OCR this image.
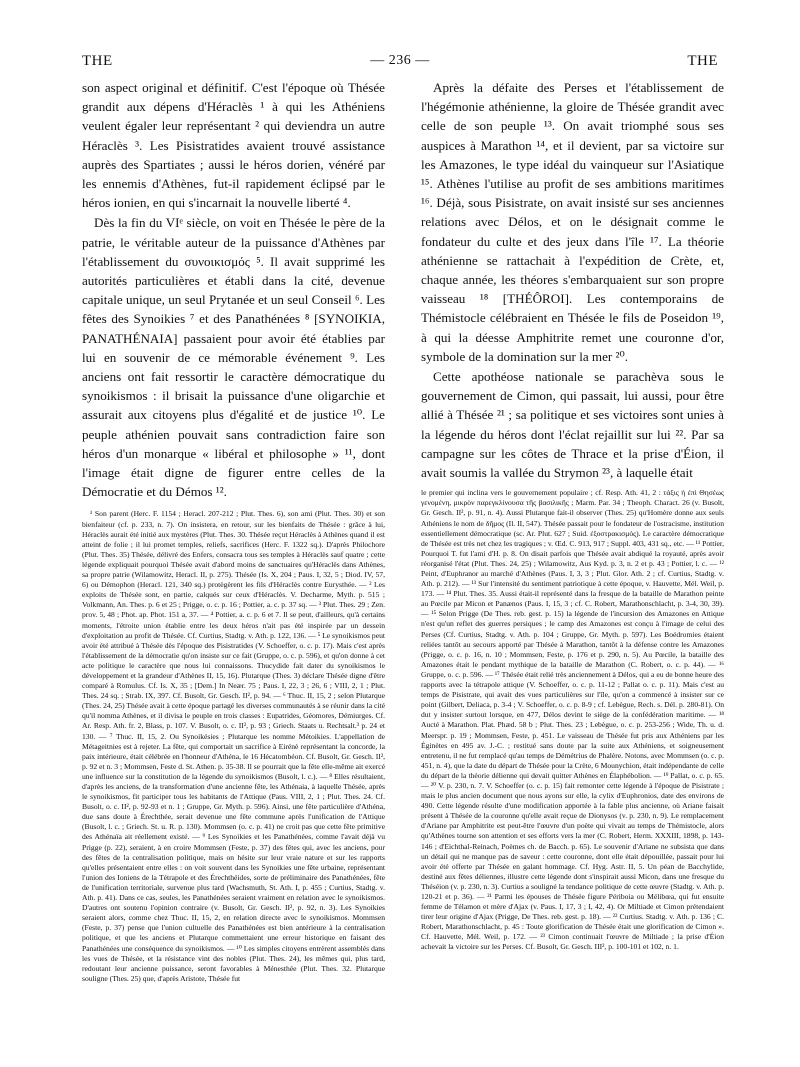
THE	— 236 —	THE

son aspect original et définitif. C'est l'époque où Thésée grandit aux dépens d'Héraclès ¹ à qui les Athéniens veulent égaler leur représentant ² qui deviendra un autre Héraclès ³. Les Pisistratides avaient trouvé assistance auprès des Spartiates ; aussi le héros dorien, vénéré par les ennemis d'Athènes, fut-il rapidement éclipsé par le héros ionien, en qui s'incarnait la nouvelle liberté ⁴.

Dès la fin du VIᵉ siècle, on voit en Thésée le père de la patrie, le véritable auteur de la puissance d'Athènes par l'établissement du συνοικισμός ⁵. Il avait supprimé les autorités particulières et établi dans la cité, devenue capitale unique, un seul Prytanée et un seul Conseil ⁶. Les fêtes des Synoikies ⁷ et des Panathénées ⁸ [SYNOIKIA, PANATHÉNAIA] passaient pour avoir été établies par lui en souvenir de ce mémorable événement ⁹. Les anciens ont fait ressortir le caractère démocratique du synoikismos : il brisait la puissance d'une oligarchie et assurait aux citoyens plus d'égalité et de justice ¹⁰. Le peuple athénien pouvait sans contradiction faire son héros d'un monarque « libéral et philosophe » ¹¹, dont l'image était digne de figurer entre celles de la Démocratie et du Démos ¹².

¹ Son parent (Herc. F. 1154 ; Heracl. 207-212 ; Plut. Thes. 6), son ami (Plut. Thes. 30) et son bienfaiteur (cf. p. 233, n. 7). On insistera, en retour, sur les bienfaits de Thésée : grâce à lui, Héraclès aurait été initié aux mystères (Plut. Thes. 30. Thésée reçut Héraclès à Athènes quand il est atteint de folie ; il lui promet temples, reliefs, sacrifices (Herc. F. 1322 sq.). D'après Philochore (Plut. Thes. 35) Thésée, délivré des Enfers, consacra tous ses temples à Héraclès sauf quatre ; cette légende expliquait pourquoi Thésée avait d'abord moins de sanctuaires qu'Héraclès dans Athènes, sa propre patrie (Wilamowitz, Heracl. II, p. 275). Thésée (Is. X, 204 ; Paus. I, 32, 5 ; Diod. IV, 57, 6) ou Démophon (Heracl. 121, 340 sq.) protègèrent les fils d'Héraclès contre Eurysthée. — ² Les exploits de Thésée sont, en partie, calqués sur ceux d'Héraclès. V. Decharme, Myth. p. 515 ; Volkmann, An. Thes. p. 6 et 25 ; Prigge, o. c. p. 16 ; Pottier, a. c. p. 37 sq. — ³ Plut. Thes. 29 ; Zen. prov. 5, 48 ; Phot. ap. Phot. 151 a, 37. — ⁴ Pottier, a. c. p. 6 et 7. Il se peut, d'ailleurs, qu'à certains moments, l'étroite union établie entre les deux héros n'ait pas été inspirée par un dessein d'exploitation au profit de Thésée. Cf. Curtius, Stadtg. v. Ath. p. 122, 136. — ⁵ Le synoikismos peut avoir été attribué à Thésée dès l'époque des Pisistratides (V. Schoeffer, o. c. p. 17). Mais c'est après l'établissement de la démocratie qu'on insiste sur ce fait (Gruppe, o. c. p. 596), et qu'on donne à cet acte politique le caractère que nous lui connaissons. Thucydide fait dater du synoikismos le développement et la grandeur d'Athènes II, 15, 16). Plutarque (Thes. 3) déclare Thésée digne d'être comparé à Romulus. Cf. Is. X, 35 ; [Dem.] In Neær. 75 ; Paus. I, 22, 3 ; 26, 6 ; VIII, 2, 1 ; Plut. Thes. 24 sq. ; Strab. IX, 397. Cf. Busolt, Gr. Gesch. II², p. 94. — ⁶ Thuc. II, 15, 2 ; selon Plutarque (Thes. 24, 25) Thésée avait à cette époque partagé les diverses communautés à se réunir dans la cité qu'il nomma Athènes, et il divisa le peuple en trois classes : Eupatrides, Géomores, Démiurges. Cf. Ar. Resp. Ath. fr. 2, Blass, p. 107. V. Busolt, o. c. II², p. 93 ; Griech. Staats u. Rechtsalt.³ p. 24 et 130. — ⁷ Thuc. II, 15, 2. Ou Synoikésies ; Plutarque les nomme Métoikies. L'appellation de Métageitnies est à rejeter. La fête, qui comportait un sacrifice à Eirénè représentant la concorde, la paix intérieure, était célébrée en l'honneur d'Athéna, le 16 Hécatombéon. Cf. Busolt, Gr. Gesch. II², p. 92 et n. 3 ; Mommsen, Feste d. St. Athen. p. 35-38. Il se pourrait que la fête elle-même ait exercé une influence sur la constitution de la légende du synoikismos (Busolt, l. c.). — ⁸ Elles résultaient, d'après les anciens, de la transformation d'une ancienne fête, les Athénaia, à laquelle Thésée, après le synoikismos, fit participer tous les habitants de l'Attique (Paus. VIII, 2, 1 ; Plut. Thes. 24. Cf. Busolt, o. c. II², p. 92-93 et n. 1 ; Gruppe, Gr. Myth. p. 596). Ainsi, une fête particulière d'Athéna, due sans doute à Érechthée, serait devenue une fête commune après l'unification de l'Attique (Busolt, l. c. ; Griech. St. u. R. p. 130). Mommsen (o. c. p. 41) ne croit pas que cette fête primitive des Athénaïa ait réellement existé. — ⁹ Les Synoikies et les Panathénées, comme l'avait déjà vu Prigge (p. 22), seraient, à en croire Mommsen (Feste, p. 37) des fêtes qui, avec les anciens, pour des fêtes de la centralisation politique, mais on hésite sur leur vraie nature et sur les rapports qu'elles présentaient entre elles : on voit souvent dans les Synoikies une fête urbaine, représentant l'union des Ioniens de la Tétrapole et des Érechthéides, sorte de préliminaire des Panathénées, fête de l'unification territoriale, survenue plus tard (Wachsmuth, St. Ath. I, p. 455 ; Curtius, Stadtg. v. Ath. p. 41). Dans ce cas, seules, les Panathénées seraient vraiment en relation avec le synoikismos. D'autres ont soutenu l'opinion contraire (v. Busolt, Gr. Gesch. II², p. 92, n. 3). Les Synoikies seraient alors, comme chez Thuc. II, 15, 2, en relation directe avec le synoikismos. Mommsen (Feste, p. 37) pense que l'union cultuelle des Panathénées est bien antérieure à la centralisation politique, et que les anciens et Plutarque commettaient une erreur historique en faisant des Panathénées une conséquence du synoikismos. — ¹⁰ Les simples citoyens entrèrent assemblés dans les vues de Thésée, et la résistance vint des nobles (Plut. Thes. 24), les mêmes qui, plus tard, redoutant leur ancienne puissance, seront favorables à Ménesthée (Plut. Thes. 32. Plutarque souligne (Thes. 25) que, d'après Aristote, Thésée fut

Après la défaite des Perses et l'établissement de l'hégémonie athénienne, la gloire de Thésée grandit avec celle de son peuple ¹³. On avait triomphé sous ses auspices à Marathon ¹⁴, et il devient, par sa victoire sur les Amazones, le type idéal du vainqueur sur l'Asiatique ¹⁵. Athènes l'utilise au profit de ses ambitions maritimes ¹⁶. Déjà, sous Pisistrate, on avait insisté sur ses anciennes relations avec Délos, et on le désignait comme le fondateur du culte et des jeux dans l'île ¹⁷. La théorie athénienne se rattachait à l'expédition de Crète, et, chaque année, les théores s'embarquaient sur son propre vaisseau ¹⁸ [THÉÔROI]. Les contemporains de Thémistocle célébraient en Thésée le fils de Poseidon ¹⁹, à qui la déesse Amphitrite remet une couronne d'or, symbole de la domination sur la mer ²⁰.

Cette apothéose nationale se parachèva sous le gouvernement de Cimon, qui passait, lui aussi, pour être allié à Thésée ²¹ ; sa politique et ses victoires sont unies à la légende du héros dont l'éclat rejaillit sur lui ²². Par sa campagne sur les côtes de Thrace et la prise d'Éion, il avait soumis la vallée du Strymon ²³, à laquelle était

le premier qui inclina vers le gouvernement populaire ; cf. Resp. Ath. 41, 2 : τάξις ἡ ἐπὶ Θησέως γενομένη, μικρὸν παρεγκλίνουσα τῆς βασιλικῆς ; Marm. Par. 34 ; Theoph. Charact. 26 (v. Busolt, Gr. Gesch. II², p. 91, n. 4). Aussi Plutarque fait-il observer (Thes. 25) qu'Homère donne aux seuls Athéniens le nom de δῆμος (Il. II, 547). Thésée passait pour le fondateur de l'ostracisme, institution essentiellement démocratique (sc. Ar. Plut. 627 ; Suid. ἐξοστρακισμός). Le caractère démocratique de Thésée est très net chez les tragiques ; v. Œd. C. 913, 917 ; Suppl. 403, 431 sq., etc. — ¹¹ Pottier, Pourquoi T. fut l'ami d'H. p. 8. On disait parfois que Thésée avait abdiqué la royauté, après avoir réorganisé l'état (Plut. Thes. 24, 25) ; Wilamowitz, Aus Kyd. p. 3, n. 2 et p. 43 ; Pottier, l. c. — ¹² Peint, d'Euphranor au marché d'Athènes (Paus. I, 3, 3 ; Plut. Glor. Ath. 2 ; cf. Curtius, Stadtg. v. Ath. p. 212). — ¹³ Sur l'intensité du sentiment patriotique à cette époque, v. Hauvette, Mél. Weil, p. 173. — ¹⁴ Plut. Thes. 35. Aussi était-il représenté dans la fresque de la bataille de Marathon peinte au Pœcile par Micon et Panænos (Paus. I, 15, 3 ; cf. C. Robert, Marathonschlacht, p. 3-4, 30, 39). — ¹⁵ Selon Prigge (De Thes. reb. gest. p. 15) la légende de l'incursion des Amazones en Attique n'est qu'un reflet des guerres persiques ; le camp des Amazones est conçu à l'image de celui des Perses (Cf. Curtius, Stadtg. v. Ath. p. 104 ; Gruppe, Gr. Myth. p. 597). Les Boédromies étaient reliées tantôt au secours apporté par Thésée à Marathon, tantôt à la défense contre les Amazones (Prigge, o. c. p. 16, n. 10 ; Mommsen, Feste, p. 176 et p. 290, n. 5). Au Pœcile, la bataille des Amazones était le pendant mythique de la bataille de Marathon (C. Robert, o. c. p. 44). — ¹⁶ Gruppe, o. c. p. 596. — ¹⁷ Thésée était relié très anciennement à Délos, qui a eu de bonne heure des rapports avec la tétrapole attique (V. Schoeffer, o. c. p. 11-12 ; Pallat o. c. p. 11). Mais c'est au temps de Pisistrate, qui avait des vues particulières sur l'île, qu'on a commencé à insister sur ce point (Gilbert, Deliaca, p. 3-4 ; V. Schoeffer, o. c. p. 8-9 ; cf. Lebègue, Rech. s. Dél. p. 280-81). On dut y insister surtout lorsque, en 477, Délos devint le siège de la confédération maritime. — ¹⁸ Aucté à Marathon. Plat. Phæd. 58 b ; Plut. Thes. 23 ; Lebègue, o. c. p. 253-256 ; Wide, Th. u. d. Meerspr. p. 19 ; Mommsen, Feste, p. 451. Le vaisseau de Thésée fut pris aux Athéniens par les Éginètes en 495 av. J.-C. ; restitué sans doute par la suite aux Athéniens, et soigneusement entretenu, il ne fut remplacé qu'au temps de Démétrius de Phalère. Notons, avec Mommsen (o. c. p. 451, n. 4), que la date du départ de Thésée pour la Crète, 6 Mounychion, était indépendante de celle du départ de la théorie délienne qui devait quitter Athènes en Élaphébolion. — ¹⁹ Pallat, o. c. p. 65. — ²⁰ V. p. 230, n. 7. V. Schoeffer (o. c. p. 15) fait remonter cette légende à l'époque de Pisistrate ; mais le plus ancien document que nous ayons sur elle, la cylix d'Euphronios, date des environs de 490. Cette légende résulte d'une modification apportée à la fable plus ancienne, où Ariane faisait présent à Thésée de la couronne qu'elle avait reçue de Dionysos (v. p. 230, n. 9). Le remplacement d'Ariane par Amphitrite est peut-être l'œuvre d'un poète qui vivait au temps de Thémistocle, alors qu'Athènes tourne son attention et ses efforts vers la mer (C. Robert, Herm. XXXIII, 1898, p. 143-146 ; d'Eichthal-Reinach, Poèmes ch. de Bacch. p. 65). Le souvenir d'Ariane ne subsista que dans un détail qui ne manque pas de saveur : cette couronne, dont elle était dépouillée, passait pour lui avoir été offerte par Thésée en galant hommage. Cf. Hyg. Astr. II, 5. Un péan de Bacchylide, destiné aux fêtes déliennes, illustre cette légende dont s'inspirait aussi Micon, dans une fresque du Théséion (v. p. 230, n. 3). Curtius a souligné la tendance politique de cette œuvre (Stadtg. v. Ath. p. 120-21 et p. 36). — ²¹ Parmi les épouses de Thésée figure Périboia ou Mélibœa, qui fut ensuite femme de Télamon et mère d'Ajax (v. Paus. I, 17, 3 ; I, 42, 4). Or Miltiade et Cimon prétendaient tirer leur origine d'Ajax (Prigge, De Thes. reb. gest. p. 18). — ²² Curtius. Stadtg. v. Ath. p. 136 ; C. Robert, Marathonschlacht, p. 45 : Toute glorification de Thésée était une glorification de Cimon ». Cf. Hauvette, Mél. Weil, p. 172. — ²³ Cimon continuait l'œuvre de Miltiade ; la prise d'Éion achevait la victoire sur les Perses. Cf. Busolt, Gr. Gesch. III², p. 100-101 et 102, n. 1.
